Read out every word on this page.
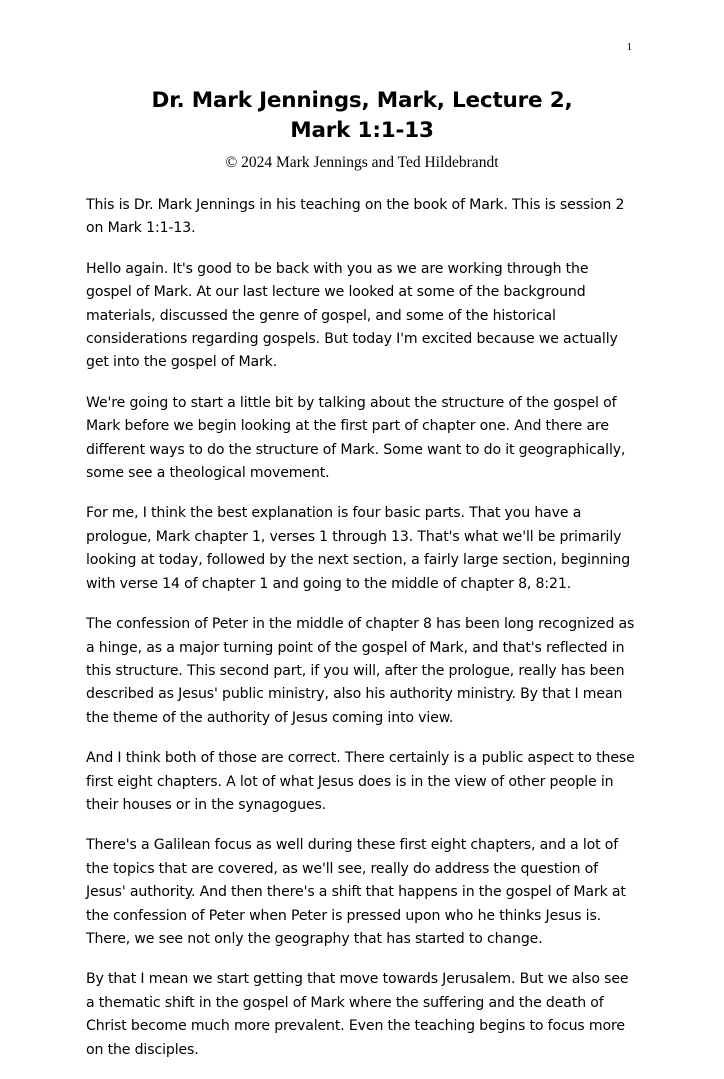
1
Dr. Mark Jennings, Mark, Lecture 2,
Mark 1:1-13
© 2024 Mark Jennings and Ted Hildebrandt

This is Dr. Mark Jennings in his teaching on the book of Mark. This is session 2 on Mark 1:1-13.

Hello again. It's good to be back with you as we are working through the gospel of Mark. At our last lecture we looked at some of the background materials, discussed the genre of gospel, and some of the historical considerations regarding gospels. But today I'm excited because we actually get into the gospel of Mark.

We're going to start a little bit by talking about the structure of the gospel of Mark before we begin looking at the first part of chapter one. And there are different ways to do the structure of Mark. Some want to do it geographically, some see a theological movement.

For me, I think the best explanation is four basic parts. That you have a prologue, Mark chapter 1, verses 1 through 13. That's what we'll be primarily looking at today, followed by the next section, a fairly large section, beginning with verse 14 of chapter 1 and going to the middle of chapter 8, 8:21.

The confession of Peter in the middle of chapter 8 has been long recognized as a hinge, as a major turning point of the gospel of Mark, and that's reflected in this structure. This second part, if you will, after the prologue, really has been described as Jesus' public ministry, also his authority ministry. By that I mean the theme of the authority of Jesus coming into view.

And I think both of those are correct. There certainly is a public aspect to these first eight chapters. A lot of what Jesus does is in the view of other people in their houses or in the synagogues.

There's a Galilean focus as well during these first eight chapters, and a lot of the topics that are covered, as we'll see, really do address the question of Jesus' authority. And then there's a shift that happens in the gospel of Mark at the confession of Peter when Peter is pressed upon who he thinks Jesus is. There, we see not only the geography that has started to change.

By that I mean we start getting that move towards Jerusalem. But we also see a thematic shift in the gospel of Mark where the suffering and the death of Christ become much more prevalent. Even the teaching begins to focus more on the disciples.
